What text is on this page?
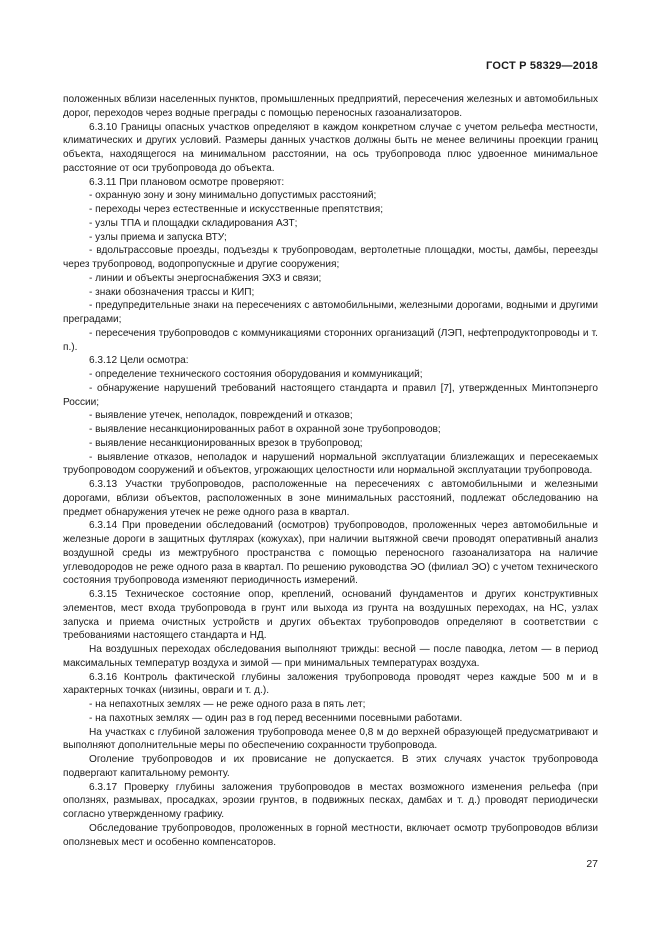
ГОСТ Р 58329—2018

положенных вблизи населенных пунктов, промышленных предприятий, пересечения железных и автомобильных дорог, переходов через водные преграды с помощью переносных газоанализаторов.

6.3.10 Границы опасных участков определяют в каждом конкретном случае с учетом рельефа местности, климатических и других условий. Размеры данных участков должны быть не менее величины проекции границ объекта, находящегося на минимальном расстоянии, на ось трубопровода плюс удвоенное минимальное расстояние от оси трубопровода до объекта.

6.3.11 При плановом осмотре проверяют:

- охранную зону и зону минимально допустимых расстояний;

- переходы через естественные и искусственные препятствия;

- узлы ТПА и площадки складирования АЗТ;

- узлы приема и запуска ВТУ;

- вдольтрассовые проезды, подъезды к трубопроводам, вертолетные площадки, мосты, дамбы, переезды через трубопровод, водопропускные и другие сооружения;

- линии и объекты энергоснабжения ЭХЗ и связи;

- знаки обозначения трассы и КИП;

- предупредительные знаки на пересечениях с автомобильными, железными дорогами, водными и другими преградами;

- пересечения трубопроводов с коммуникациями сторонних организаций (ЛЭП, нефтепродуктопроводы и т. п.).

6.3.12 Цели осмотра:

- определение технического состояния оборудования и коммуникаций;

- обнаружение нарушений требований настоящего стандарта и правил [7], утвержденных Минтопэнерго России;

- выявление утечек, неполадок, повреждений и отказов;

- выявление несанкционированных работ в охранной зоне трубопроводов;

- выявление несанкционированных врезок в трубопровод;

- выявление отказов, неполадок и нарушений нормальной эксплуатации близлежащих и пересекаемых трубопроводом сооружений и объектов, угрожающих целостности или нормальной эксплуатации трубопровода.

6.3.13 Участки трубопроводов, расположенные на пересечениях с автомобильными и железными дорогами, вблизи объектов, расположенных в зоне минимальных расстояний, подлежат обследованию на предмет обнаружения утечек не реже одного раза в квартал.

6.3.14 При проведении обследований (осмотров) трубопроводов, проложенных через автомобильные и железные дороги в защитных футлярах (кожухах), при наличии вытяжной свечи проводят оперативный анализ воздушной среды из межтрубного пространства с помощью переносного газоанализатора на наличие углеводородов не реже одного раза в квартал. По решению руководства ЭО (филиал ЭО) с учетом технического состояния трубопровода изменяют периодичность измерений.

6.3.15 Техническое состояние опор, креплений, оснований фундаментов и других конструктивных элементов, мест входа трубопровода в грунт или выхода из грунта на воздушных переходах, на НС, узлах запуска и приема очистных устройств и других объектах трубопроводов определяют в соответствии с требованиями настоящего стандарта и НД.

На воздушных переходах обследования выполняют трижды: весной — после паводка, летом — в период максимальных температур воздуха и зимой — при минимальных температурах воздуха.

6.3.16 Контроль фактической глубины заложения трубопровода проводят через каждые 500 м и в характерных точках (низины, овраги и т. д.).

- на непахотных землях — не реже одного раза в пять лет;

- на пахотных землях — один раз в год перед весенними посевными работами.

На участках с глубиной заложения трубопровода менее 0,8 м до верхней образующей предусматривают и выполняют дополнительные меры по обеспечению сохранности трубопровода.

Оголение трубопроводов и их провисание не допускается. В этих случаях участок трубопровода подвергают капитальному ремонту.

6.3.17 Проверку глубины заложения трубопроводов в местах возможного изменения рельефа (при оползнях, размывах, просадках, эрозии грунтов, в подвижных песках, дамбах и т. д.) проводят периодически согласно утвержденному графику.

Обследование трубопроводов, проложенных в горной местности, включает осмотр трубопроводов вблизи оползневых мест и особенно компенсаторов.

27
